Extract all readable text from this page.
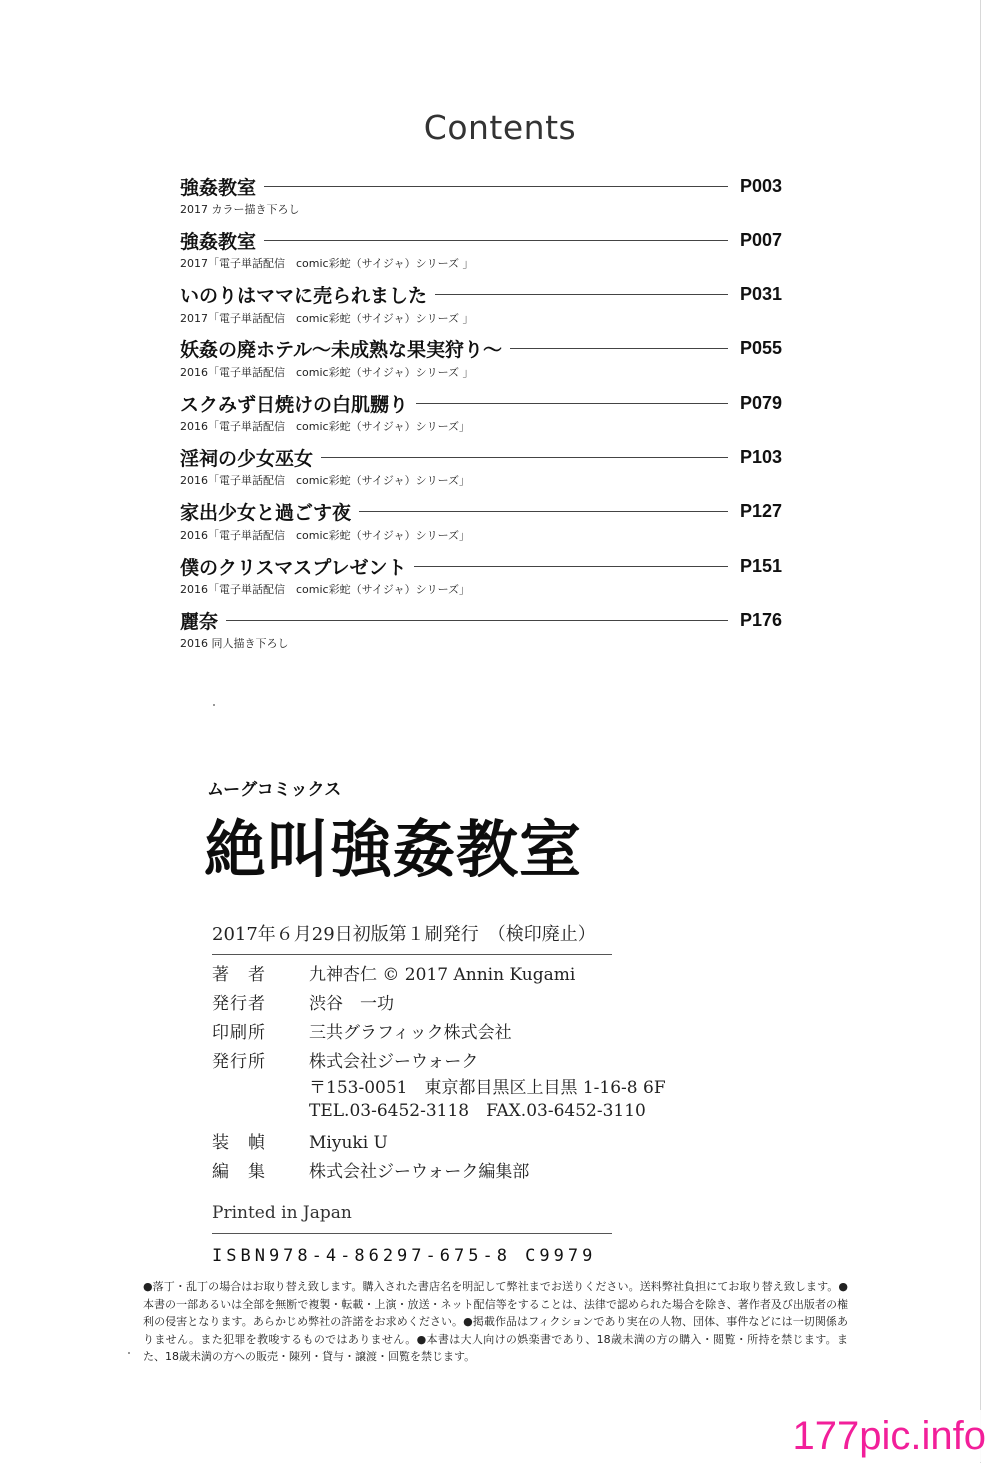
Contents
強姦教室	P003
2017 カラー描き下ろし
強姦教室	P007
2017「電子単話配信　comic彩蛇（サイジャ）シリーズ 」
いのりはママに売られました	P031
2017「電子単話配信　comic彩蛇（サイジャ）シリーズ 」
妖姦の廃ホテル～未成熟な果実狩り～	P055
2016「電子単話配信　comic彩蛇（サイジャ）シリーズ 」
スクみず日焼けの白肌嬲り	P079
2016「電子単話配信　comic彩蛇（サイジャ）シリーズ」
淫祠の少女巫女	P103
2016「電子単話配信　comic彩蛇（サイジャ）シリーズ」
家出少女と過ごす夜	P127
2016「電子単話配信　comic彩蛇（サイジャ）シリーズ」
僕のクリスマスプレゼント	P151
2016「電子単話配信　comic彩蛇（サイジャ）シリーズ」
麗奈	P176
2016 同人描き下ろし
ムーグコミックス
絶叫強姦教室
2017年６月29日初版第１刷発行　（検印廃止）
著　者	九神杏仁 © 2017 Annin Kugami
発行者	渋谷　一功
印刷所	三共グラフィック株式会社
発行所	株式会社ジーウォーク
〒153-0051　東京都目黒区上目黒 1-16-8 6F
TEL.03-6452-3118　FAX.03-6452-3110
装　幀	Miyuki U
編　集	株式会社ジーウォーク編集部
Printed in Japan
ISBN978-4-86297-675-8 C9979
●落丁・乱丁の場合はお取り替え致します。購入された書店名を明記して弊社までお送りください。送料弊社負担にてお取り替え致します。●本書の一部あるいは全部を無断で複製・転載・上演・放送・ネット配信等をすることは、法律で認められた場合を除き、著作者及び出版者の権利の侵害となります。あらかじめ弊社の許諾をお求めください。●掲載作品はフィクションであり実在の人物、団体、事件などには一切関係ありません。また犯罪を教唆するものではありません。●本書は大人向けの娯楽書であり、18歳未満の方の購入・閲覧・所持を禁じます。また、18歳未満の方への販売・陳列・貸与・譲渡・回覧を禁じます。
177pic.info
